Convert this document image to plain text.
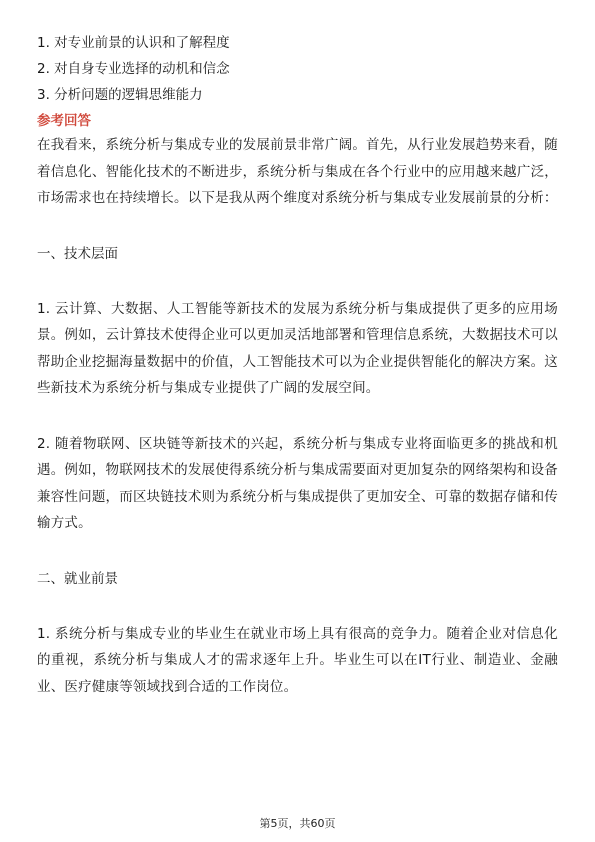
1. 对专业前景的认识和了解程度

2. 对自身专业选择的动机和信念

3. 分析问题的逻辑思维能力

参考回答

在我看来，系统分析与集成专业的发展前景非常广阔。首先，从行业发展趋势来看，随着信息化、智能化技术的不断进步，系统分析与集成在各个行业中的应用越来越广泛，市场需求也在持续增长。以下是我从两个维度对系统分析与集成专业发展前景的分析：

一、技术层面

1. 云计算、大数据、人工智能等新技术的发展为系统分析与集成提供了更多的应用场景。例如，云计算技术使得企业可以更加灵活地部署和管理信息系统，大数据技术可以帮助企业挖掘海量数据中的价值，人工智能技术可以为企业提供智能化的解决方案。这些新技术为系统分析与集成专业提供了广阔的发展空间。

2. 随着物联网、区块链等新技术的兴起，系统分析与集成专业将面临更多的挑战和机遇。例如，物联网技术的发展使得系统分析与集成需要面对更加复杂的网络架构和设备兼容性问题，而区块链技术则为系统分析与集成提供了更加安全、可靠的数据存储和传输方式。

二、就业前景

1. 系统分析与集成专业的毕业生在就业市场上具有很高的竞争力。随着企业对信息化的重视，系统分析与集成人才的需求逐年上升。毕业生可以在IT行业、制造业、金融业、医疗健康等领域找到合适的工作岗位。

第5页，共60页
